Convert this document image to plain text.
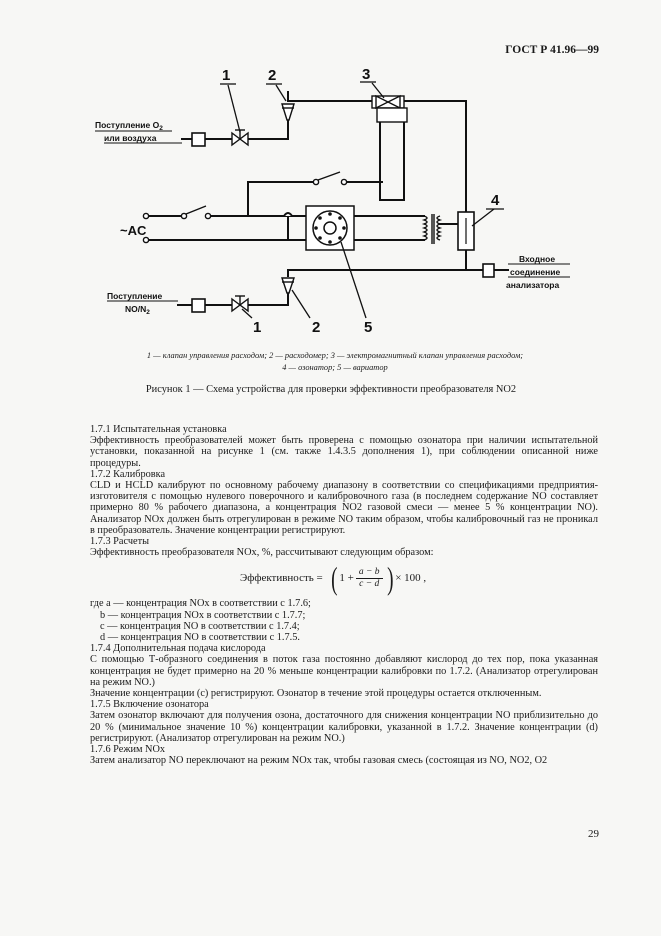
ГОСТ Р 41.96—99
1	2	3
1	2
4
5
Поступление $O_2$
или воздуха
~AC
Поступление
$NO/N_2$
Входное
соединение
анализатора
1 — клапан управления расходом; 2 — расходомер; 3 — электромагнитный клапан управления расходом;
4 — озонатор; 5 — вариатор
Рисунок 1 — Схема устройства для проверки эффективности преобразователя NO2

1.7.1 Испытательная установка

Эффективность преобразователей может быть проверена с помощью озонатора при наличии испытательной установки, показанной на рисунке 1 (см. также 1.4.3.5 дополнения 1), при соблюдении описанной ниже процедуры.

1.7.2 Калибровка

CLD и HCLD калибруют по основному рабочему диапазону в соответствии со спецификациями предприятия-изготовителя с помощью нулевого поверочного и калибровочного газа (в последнем содержание NO составляет примерно 80 % рабочего диапазона, а концентрация NO2 газовой смеси — менее 5 % концентрации NO). Анализатор NOx должен быть отрегулирован в режиме NO таким образом, чтобы калибровочный газ не проникал в преобразователь. Значение концентрации регистрируют.

1.7.3 Расчеты

Эффективность преобразователя NOx, %, рассчитывают следующим образом:

Эффективность = ( $1 + \frac{a - b}{c - d}$ ) × 100 ,

где a — концентрация NOx в соответствии с 1.7.6;

b — концентрация NOx в соответствии с 1.7.7;

c — концентрация NO в соответствии с 1.7.4;

d — концентрация NO в соответствии с 1.7.5.

1.7.4 Дополнительная подача кислорода

С помощью Т-образного соединения в поток газа постоянно добавляют кислород до тех пор, пока указанная концентрация не будет примерно на 20 % меньше концентрации калибровки по 1.7.2. (Анализатор отрегулирован на режим NO.)

Значение концентрации (c) регистрируют. Озонатор в течение этой процедуры остается отключенным.

1.7.5 Включение озонатора

Затем озонатор включают для получения озона, достаточного для снижения концентрации NO приблизительно до 20 % (минимальное значение 10 %) концентрации калибровки, указанной в 1.7.2. Значение концентрации (d) регистрируют. (Анализатор отрегулирован на режим NO.)

1.7.6 Режим NOx

Затем анализатор NO переключают на режим NOx так, чтобы газовая смесь (состоящая из NO, NO2, O2

29
